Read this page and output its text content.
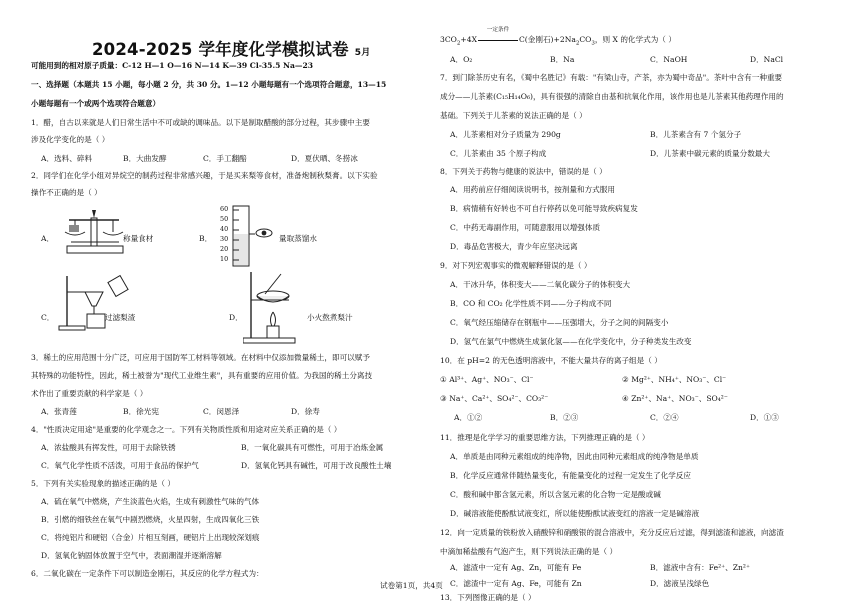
2024-2025 学年度化学模拟试卷 5月
可能用到的相对原子质量：C-12 H—1 O—16 N—14 K—39 Cl-35.5 Na—23
一、选择题（本题共 15 小题，每小题 2 分，共 30 分。1—12 小题每题有一个选项符合题意，13—15
小题每题有一个或两个选项符合题意）
1．醋，自古以来就是人们日常生活中不可或缺的调味品。以下是制取醋酸的部分过程，其步骤中主要
涉及化学变化的是（ ）
A．选料、碎料	B．大曲发酵	C．手工翻醅	D．夏伏晒、冬捞冰
2．同学们在化学小组对异烷空的制药过程非常感兴趣，于是买来梨等食材，准备炮制秋梨膏。以下实验
操作不正确的是（ ）
A．	称量食材	B．
60
50
40
30
20
10
量取蒸馏水
C．	过滤梨渣	D．	小火熬煮梨汁
3．稀土的应用范围十分广泛，可应用于国防军工材料等领域。在材料中仅添加微量稀土，即可以赋予
其特殊的功能特性，因此，稀土被誉为"现代工业维生素"，具有重要的应用价值。为我国的稀土分离技
术作出了重要贡献的科学家是（ ）
A．张青莲	B．徐光宪	C．闵恩泽	D．徐寿
4．"性质决定用途"是重要的化学观念之一。下列有关物质性质和用途对应关系正确的是（ ）
A．浓盐酸具有挥发性，可用于去除铁锈	B．一氧化碳具有可燃性，可用于冶炼金属
C．氧气化学性质不活泼，可用于食品的保护气	D．氢氧化钙具有碱性，可用于改良酸性土壤
5．下列有关实验现象的描述正确的是（ ）
A．硫在氧气中燃烧，产生淡蓝色火焰，生成有刺激性气味的气体
B．引燃的细铁丝在氧气中剧烈燃烧，火星四射，生成四氧化三铁
C．将纯铝片和硬铝（合金）片相互刻画，硬铝片上出现较深划痕
D．氢氧化钠固体放置于空气中，表面潮湿并逐渐溶解
6．二氧化碳在一定条件下可以制造金刚石，其反应的化学方程式为：
$3CO_2+4X$
一定条件
C(金刚石)$+2Na_2CO_3$，则 X 的化学式为（ ）
A．O₂	B．Na	C．NaOH	D．NaCl
7．到门除茶历史有名，《蜀中名胜记》有载："有梁山寺，产茶，亦为蜀中奇品"。茶叶中含有一种重要
成分——儿茶素(C₁₅H₁₄O₆)，具有很强的清除自由基和抗氧化作用，该作用也是儿茶素其他药理作用的
基础。下列关于儿茶素的说法正确的是（ ）
A．儿茶素相对分子质量为 290g	B．儿茶素含有 7 个氢分子
C．儿茶素由 35 个原子构成	D．儿茶素中碳元素的质量分数最大
8．下列关于药物与健康的说法中，错误的是（ ）
A．用药前应仔细阅读说明书，按剂量和方式服用
B．病情稍有好转也不可自行停药以免可能导致疾病复发
C．中药无毒副作用，可随意服用以增强体质
D．毒品危害极大，青少年应坚决远离
9．对下列宏观事实的微观解释错误的是（ ）
A．干冰升华，体积变大——二氧化碳分子的体积变大
B．CO 和 CO₂ 化学性质不同——分子构成不同
C．氧气经压缩储存在钢瓶中——压强增大，分子之间的间隔变小
D．氢气在氯气中燃烧生成氯化氢——在化学变化中，分子种类发生改变
10．在 pH=2 的无色透明溶液中，不能大量共存的离子组是（ ）
① Al³⁺、Ag⁺、NO₃⁻、Cl⁻	② Mg²⁺、NH₄⁺、NO₃⁻、Cl⁻
③ Na⁺、Ca²⁺、SO₄²⁻、CO₃²⁻	④ Zn²⁺、Na⁺、NO₃⁻、SO₄²⁻
A．①②	B．②③	C．②④	D．①③
11．推理是化学学习的重要思维方法，下列推理正确的是（ ）
A．单质是由同种元素组成的纯净物，因此由同种元素组成的纯净物是单质
B．化学反应通常伴随热量变化，有能量变化的过程一定发生了化学反应
C．酸和碱中都含氢元素，所以含氢元素的化合物一定是酸或碱
D．碱溶液能使酚酞试液变红，所以能使酚酞试液变红的溶液一定是碱溶液
12．向一定质量的铁粉放入硝酸锌和硝酸银的混合溶液中，充分反应后过滤，得到滤渣和滤液，向滤渣
中滴加稀盐酸有气泡产生，则下列说法正确的是（ ）
A．滤渣中一定有 Ag、Zn，可能有 Fe	B．滤液中含有：Fe²⁺、Zn²⁺
C．滤渣中一定有 Ag、Fe，可能有 Zn	D．滤液呈浅绿色
13．下列图像正确的是（ ）
试卷第1页，共4页
